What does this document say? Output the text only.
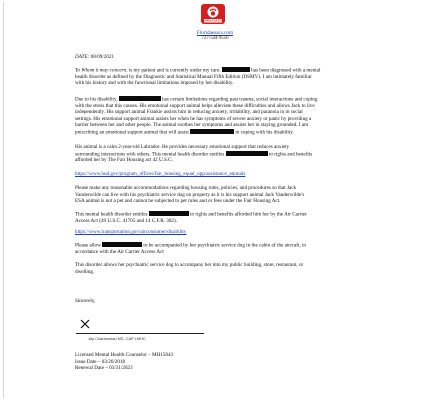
FLORIDA ESA DOGS
Floridaesacs.com
727-544-9556
DATE: 08/09/2021
To Whom it may concern, is my patient and is currently under my care.	has been diagnosed with a mental
health disorder as defined by the Diagnostic and Statistical Manual Fifth Edition (DSMV). I am intimately familiar
with his history and with the functional limitations imposed by her disability.
Due to his disability,	has certain limitations regarding past trauma, social interactions and coping
with the stress that this causes. His emotional support animal helps alleviate these difficulties and allows Jack to live
independently. His support animal Frankie assists him in reducing anxiety, irritability, and paranoia in in social
settings. His emotional support animal assists her when he has symptoms of severe anxiety or panic by providing a
barrier between her and other people. The animal soothes her symptoms and assists her in staying grounded. I am
prescribing an emotional support animal that will assist	in coping with his disability.
His animal is a calm 2-year-old Labrador. He provides necessary emotional support that reduces anxiety
surrounding interactions with others. This mental health disorder entitles	to rights and benefits
afforded her by The Fair Housing act 42 U.S.C.
https://www.hud.gov/program_offices/fair_housing_equal_opp/assistance_animals
Please make any reasonable accommodations regarding housing rules, policies, and procedures so that Jack
Vanderwilde can live with his psychiatric service dog on property as it is his support animal Jack Vanderwilde's
ESA animal is not a pet and cannot be subjected to pet rules and or fees under the Fair Housing Act.
This mental health disorder entitles	to rights and benefits afforded him her by the Air Carrier
Access Act (49 U.S.C. 41705 and 14 C.F.R. 382).
https://www.transportation.gov/airconsumer/disability
Please allow	to be accompanied by her psychiatric service dog in the cabin of the aircraft, in
accordance with the Air Carrier Access Act
This disorder allows her psychiatric service dog to accompany her into my public building, store, restaurant, or
dwelling.
Sincerely,
Jay Charboneau MS, CAP LMHC
Licensed Mental Health Counselor – MH15843
Issue Date – 03/26/2018
Renewal Date – 03/31/2023
